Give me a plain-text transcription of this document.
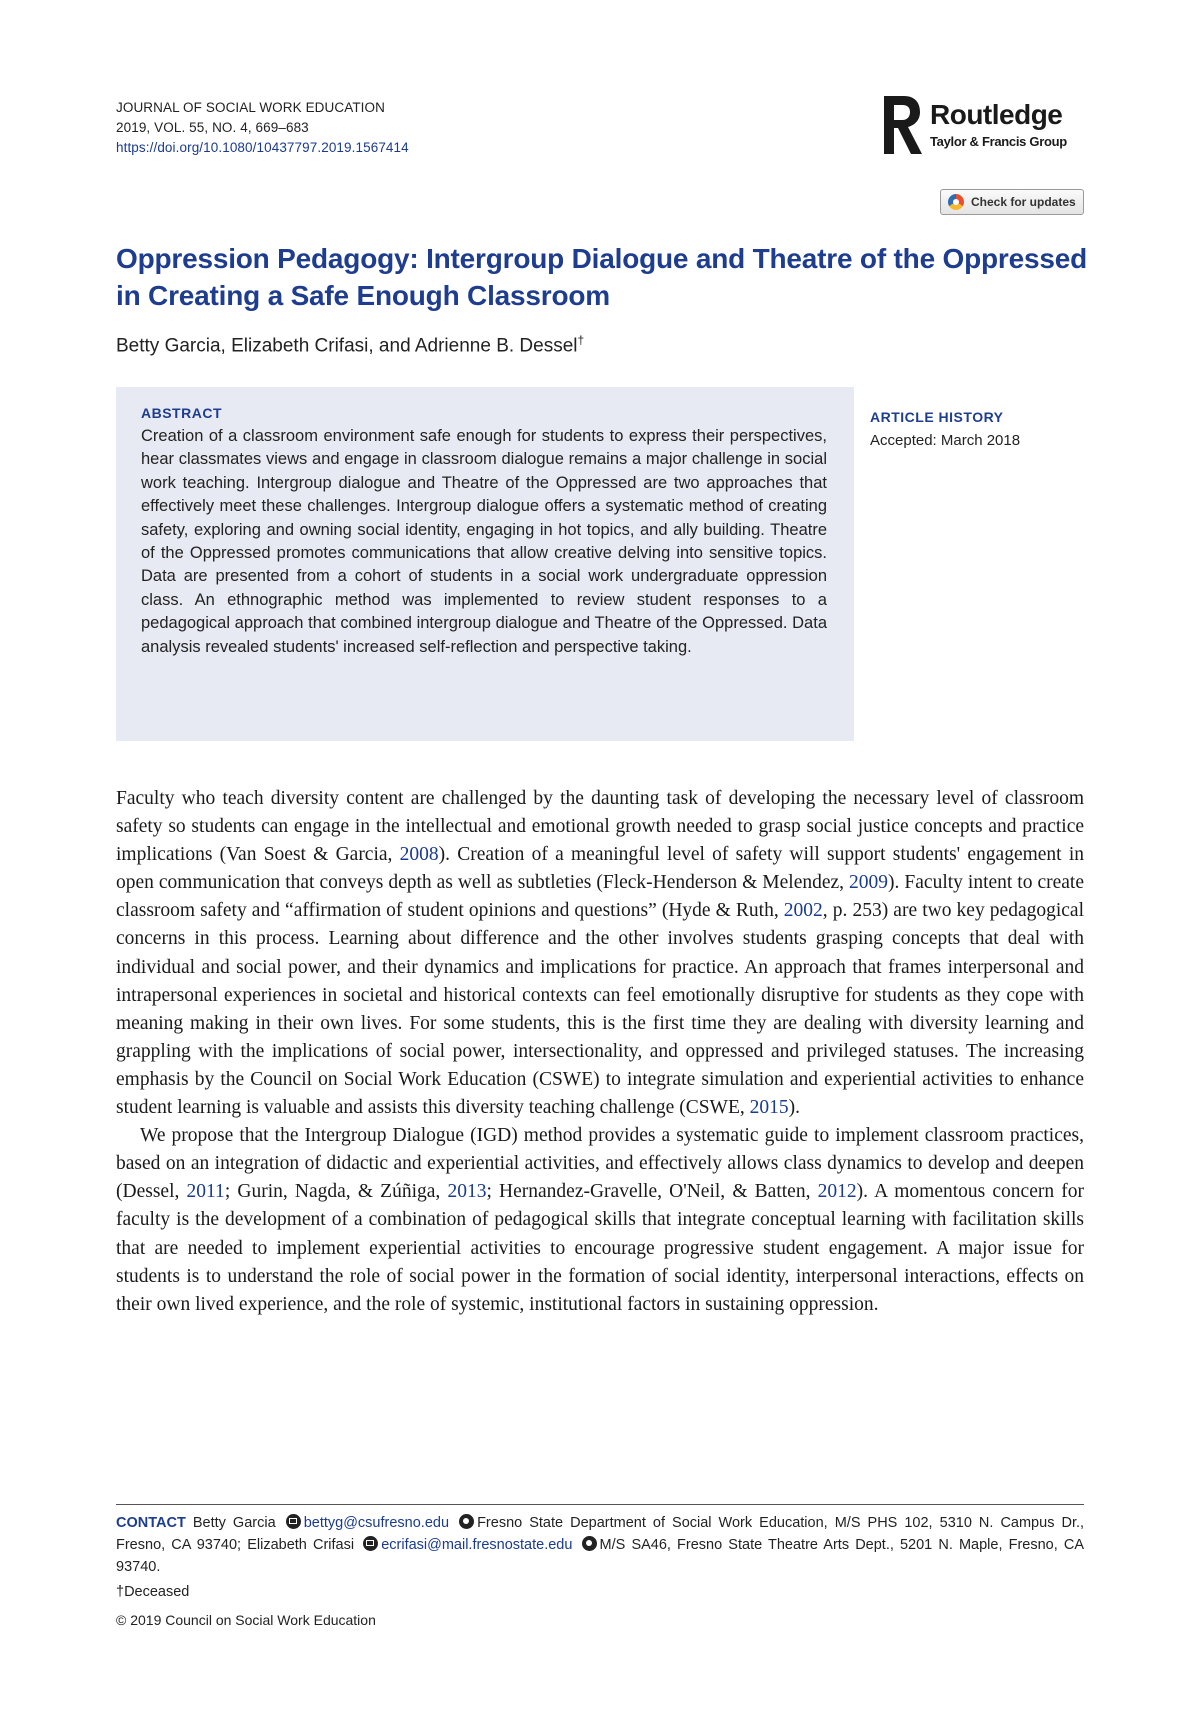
JOURNAL OF SOCIAL WORK EDUCATION
2019, VOL. 55, NO. 4, 669–683
https://doi.org/10.1080/10437797.2019.1567414
Routledge
Taylor & Francis Group
Check for updates
Oppression Pedagogy: Intergroup Dialogue and Theatre of the Oppressed in Creating a Safe Enough Classroom
Betty Garcia, Elizabeth Crifasi, and Adrienne B. Dessel†
ABSTRACT
Creation of a classroom environment safe enough for students to express their perspectives, hear classmates views and engage in classroom dialogue remains a major challenge in social work teaching. Intergroup dialogue and Theatre of the Oppressed are two approaches that effectively meet these challenges. Intergroup dialogue offers a systematic method of creating safety, exploring and owning social identity, engaging in hot topics, and ally building. Theatre of the Oppressed promotes communications that allow creative delving into sensitive topics. Data are presented from a cohort of students in a social work undergraduate oppression class. An ethnographic method was implemented to review student responses to a pedagogical approach that combined intergroup dialogue and Theatre of the Oppressed. Data analysis revealed students' increased self-reflection and perspective taking.
ARTICLE HISTORY
Accepted: March 2018

Faculty who teach diversity content are challenged by the daunting task of developing the necessary level of classroom safety so students can engage in the intellectual and emotional growth needed to grasp social justice concepts and practice implications (Van Soest & Garcia, 2008). Creation of a meaningful level of safety will support students' engagement in open communication that conveys depth as well as subtleties (Fleck-Henderson & Melendez, 2009). Faculty intent to create classroom safety and “affirmation of student opinions and questions” (Hyde & Ruth, 2002, p. 253) are two key pedagogical concerns in this process. Learning about difference and the other involves students grasping concepts that deal with individual and social power, and their dynamics and implications for practice. An approach that frames interpersonal and intrapersonal experiences in societal and historical contexts can feel emotionally disruptive for students as they cope with meaning making in their own lives. For some students, this is the first time they are dealing with diversity learning and grappling with the implications of social power, intersectionality, and oppressed and privileged statuses. The increasing emphasis by the Council on Social Work Education (CSWE) to integrate simulation and experiential activities to enhance student learning is valuable and assists this diversity teaching challenge (CSWE, 2015).

We propose that the Intergroup Dialogue (IGD) method provides a systematic guide to implement classroom practices, based on an integration of didactic and experiential activities, and effectively allows class dynamics to develop and deepen (Dessel, 2011; Gurin, Nagda, & Zúñiga, 2013; Hernandez-Gravelle, O'Neil, & Batten, 2012). A momentous concern for faculty is the development of a combination of pedagogical skills that integrate conceptual learning with facilitation skills that are needed to implement experiential activities to encourage progressive student engagement. A major issue for students is to understand the role of social power in the formation of social identity, interpersonal interactions, effects on their own lived experience, and the role of systemic, institutional factors in sustaining oppression.

CONTACT Betty Garcia bettyg@csufresno.edu Fresno State Department of Social Work Education, M/S PHS 102, 5310 N. Campus Dr., Fresno, CA 93740; Elizabeth Crifasi ecrifasi@mail.fresnostate.edu M/S SA46, Fresno State Theatre Arts Dept., 5201 N. Maple, Fresno, CA 93740.
†Deceased
© 2019 Council on Social Work Education
